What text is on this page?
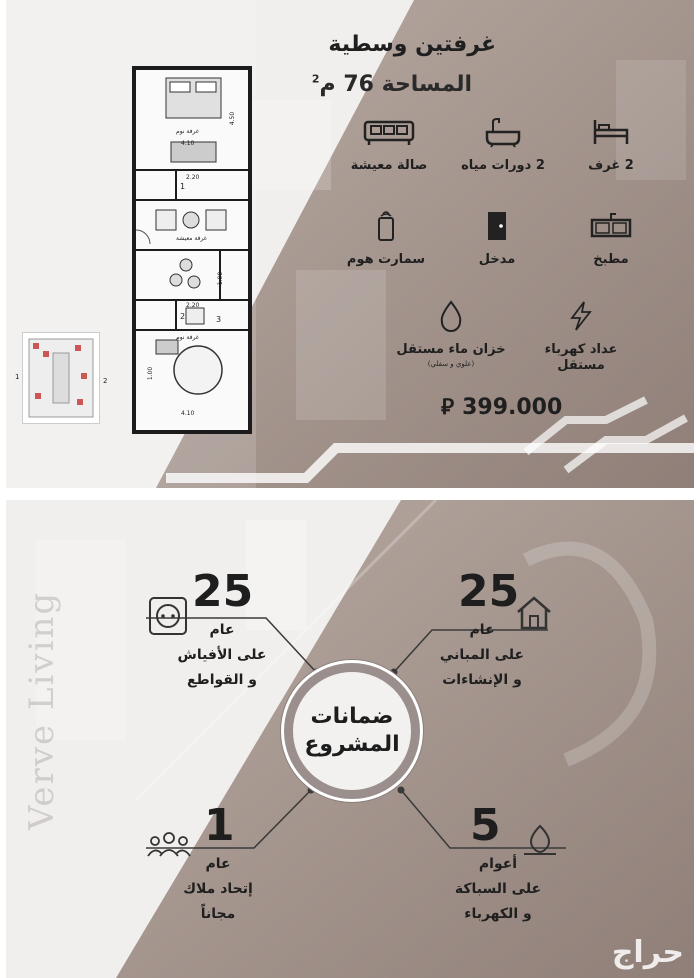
غرفتين وسطية
المساحة 76 م$^2$
4.50
4.10
2.20
1.00
2.20
4.10
1.00
غرفة نوم
غرفة معيشة
غرفة نوم
1
3
2
1	2
2 غرف
2 دورات مياه
صالة معيشة
مطبخ
مدخل
سمارت هوم
عداد كهرباء مستقل
خزان ماء مستقل
(علوي و سفلي)
⃁ 399.000
Verve Living
حراج
ضمانات
المشروع
25
عام
على الأفياش
و القواطع
25
عام
على المباني
و الإنشاءات
1
عام
إتحاد ملاك
مجاناً
5
أعوام
على السباكة
و الكهرباء
